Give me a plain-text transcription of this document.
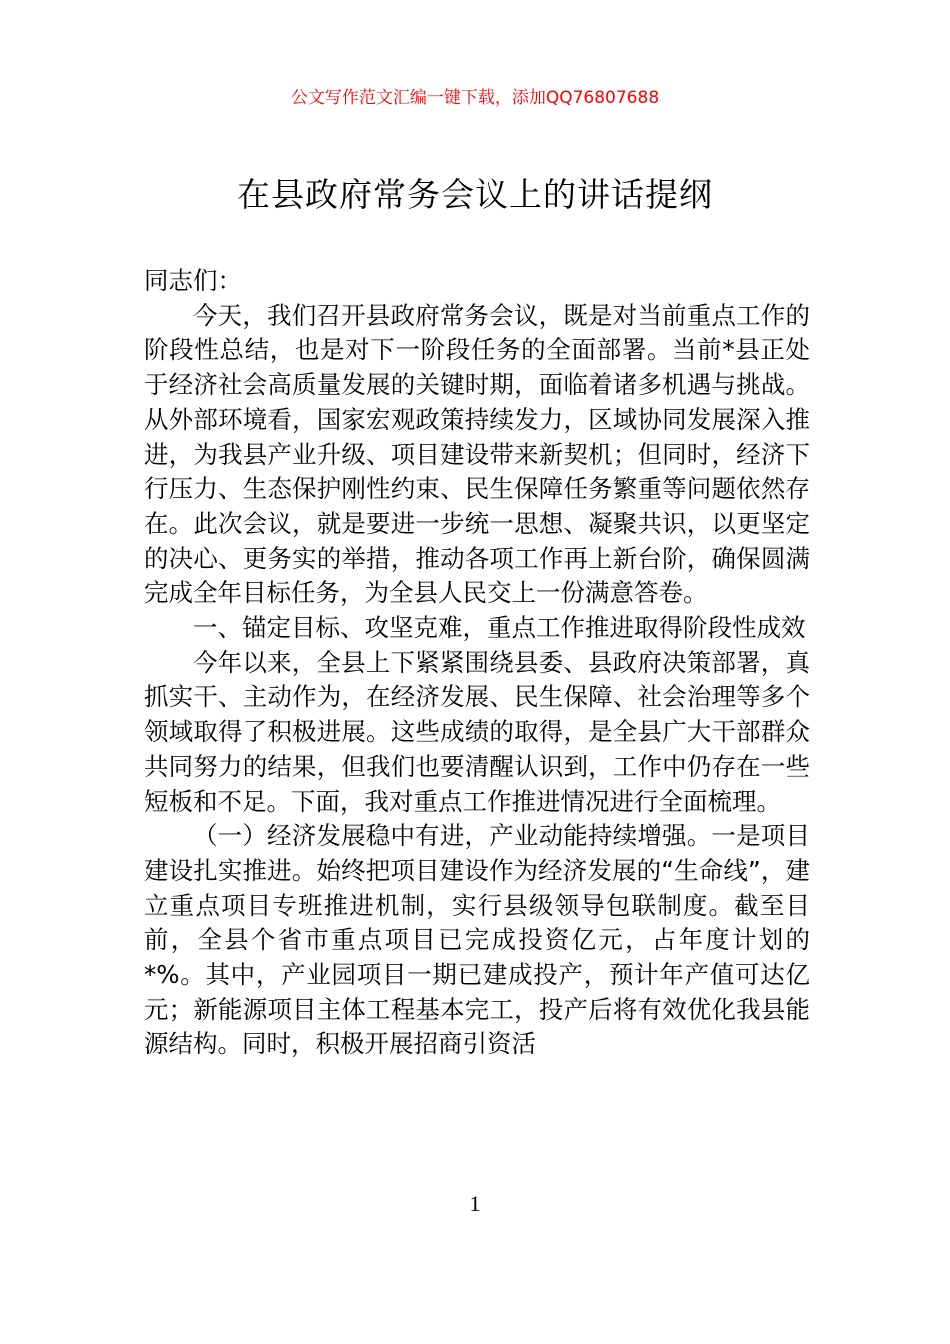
公文写作范文汇编一键下载，添加QQ76807688
在县政府常务会议上的讲话提纲

同志们：

今天，我们召开县政府常务会议，既是对当前重点工作的阶段性总结，也是对下一阶段任务的全面部署。当前*县正处于经济社会高质量发展的关键时期，面临着诸多机遇与挑战。从外部环境看，国家宏观政策持续发力，区域协同发展深入推进，为我县产业升级、项目建设带来新契机；但同时，经济下行压力、生态保护刚性约束、民生保障任务繁重等问题依然存在。此次会议，就是要进一步统一思想、凝聚共识，以更坚定的决心、更务实的举措，推动各项工作再上新台阶，确保圆满完成全年目标任务，为全县人民交上一份满意答卷。

一、锚定目标、攻坚克难，重点工作推进取得阶段性成效

今年以来，全县上下紧紧围绕县委、县政府决策部署，真抓实干、主动作为，在经济发展、民生保障、社会治理等多个领域取得了积极进展。这些成绩的取得，是全县广大干部群众共同努力的结果，但我们也要清醒认识到，工作中仍存在一些短板和不足。下面，我对重点工作推进情况进行全面梳理。

（一）经济发展稳中有进，产业动能持续增强。一是项目建设扎实推进。始终把项目建设作为经济发展的“生命线”，建立重点项目专班推进机制，实行县级领导包联制度。截至目前，全县个省市重点项目已完成投资亿元，占年度计划的*%。其中，产业园项目一期已建成投产，预计年产值可达亿元；新能源项目主体工程基本完工，投产后将有效优化我县能源结构。同时，积极开展招商引资活

1
